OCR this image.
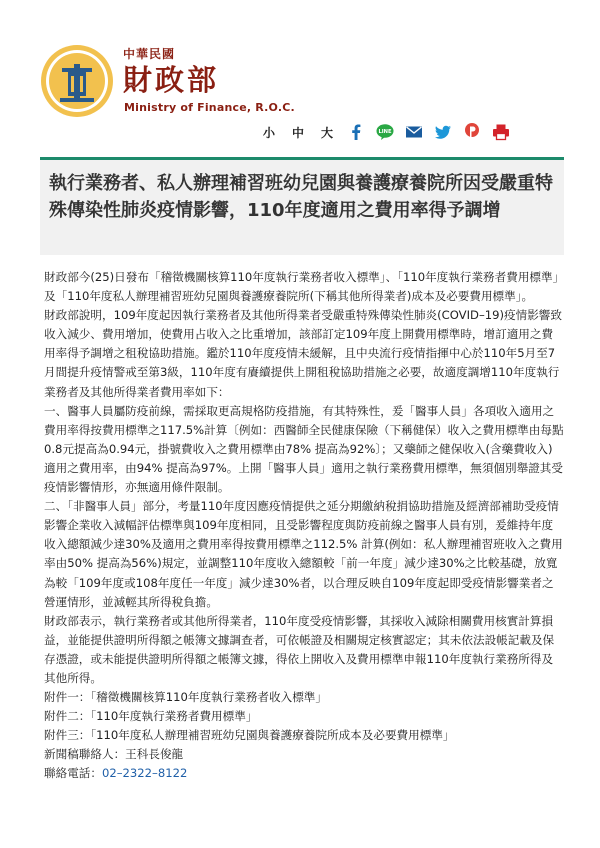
中華民國
財政部
Ministry of Finance, R.O.C.
小	中	大	LINE
執行業務者、私人辦理補習班幼兒園與養護療養院所因受嚴重特殊傳染性肺炎疫情影響，110年度適用之費用率得予調增

財政部今(25)日發布「稽徵機關核算110年度執行業務者收入標準」、「110年度執行業務者費用標準」及「110年度私人辦理補習班幼兒園與養護療養院所(下稱其他所得業者)成本及必要費用標準」。

財政部說明，109年度起因執行業務者及其他所得業者受嚴重特殊傳染性肺炎(COVID–19)疫情影響致收入減少、費用增加，使費用占收入之比重增加，該部訂定109年度上開費用標準時，增訂適用之費用率得予調增之租稅協助措施。鑑於110年度疫情未緩解，且中央流行疫情指揮中心於110年5月至7月間提升疫情警戒至第3級，110年度有賡續提供上開租稅協助措施之必要，故適度調增110年度執行業務者及其他所得業者費用率如下：

一、醫事人員屬防疫前線，需採取更高規格防疫措施，有其特殊性，爰「醫事人員」各項收入適用之費用率得按費用標準之117.5%計算〔例如：西醫師全民健康保險（下稱健保）收入之費用標準由每點0.8元提高為0.94元，掛號費收入之費用標準由78% 提高為92%〕；又藥師之健保收入(含藥費收入)適用之費用率，由94% 提高為97%。上開「醫事人員」適用之執行業務費用標準，無須個別舉證其受疫情影響情形，亦無適用條件限制。

二、「非醫事人員」部分，考量110年度因應疫情提供之延分期繳納稅捐協助措施及經濟部補助受疫情影響企業收入減幅評估標準與109年度相同，且受影響程度與防疫前線之醫事人員有別，爰維持年度收入總額減少達30%及適用之費用率得按費用標準之112.5% 計算(例如：私人辦理補習班收入之費用率由50% 提高為56%)規定，並調整110年度收入總額較「前一年度」減少達30%之比較基礎，放寬為較「109年度或108年度任一年度」減少達30%者，以合理反映自109年度起即受疫情影響業者之營運情形，並減輕其所得稅負擔。

財政部表示，執行業務者或其他所得業者，110年度受疫情影響，其採收入減除相關費用核實計算損益，並能提供證明所得額之帳簿文據調查者，可依帳證及相關規定核實認定；其未依法設帳記載及保存憑證，或未能提供證明所得額之帳簿文據，得依上開收入及費用標準申報110年度執行業務所得及其他所得。

附件一：「稽徵機關核算110年度執行業務者收入標準」

附件二：「110年度執行業務者費用標準」

附件三：「110年度私人辦理補習班幼兒園與養護療養院所成本及必要費用標準」

新聞稿聯絡人：王科長俊龍

聯絡電話：02–2322–8122
